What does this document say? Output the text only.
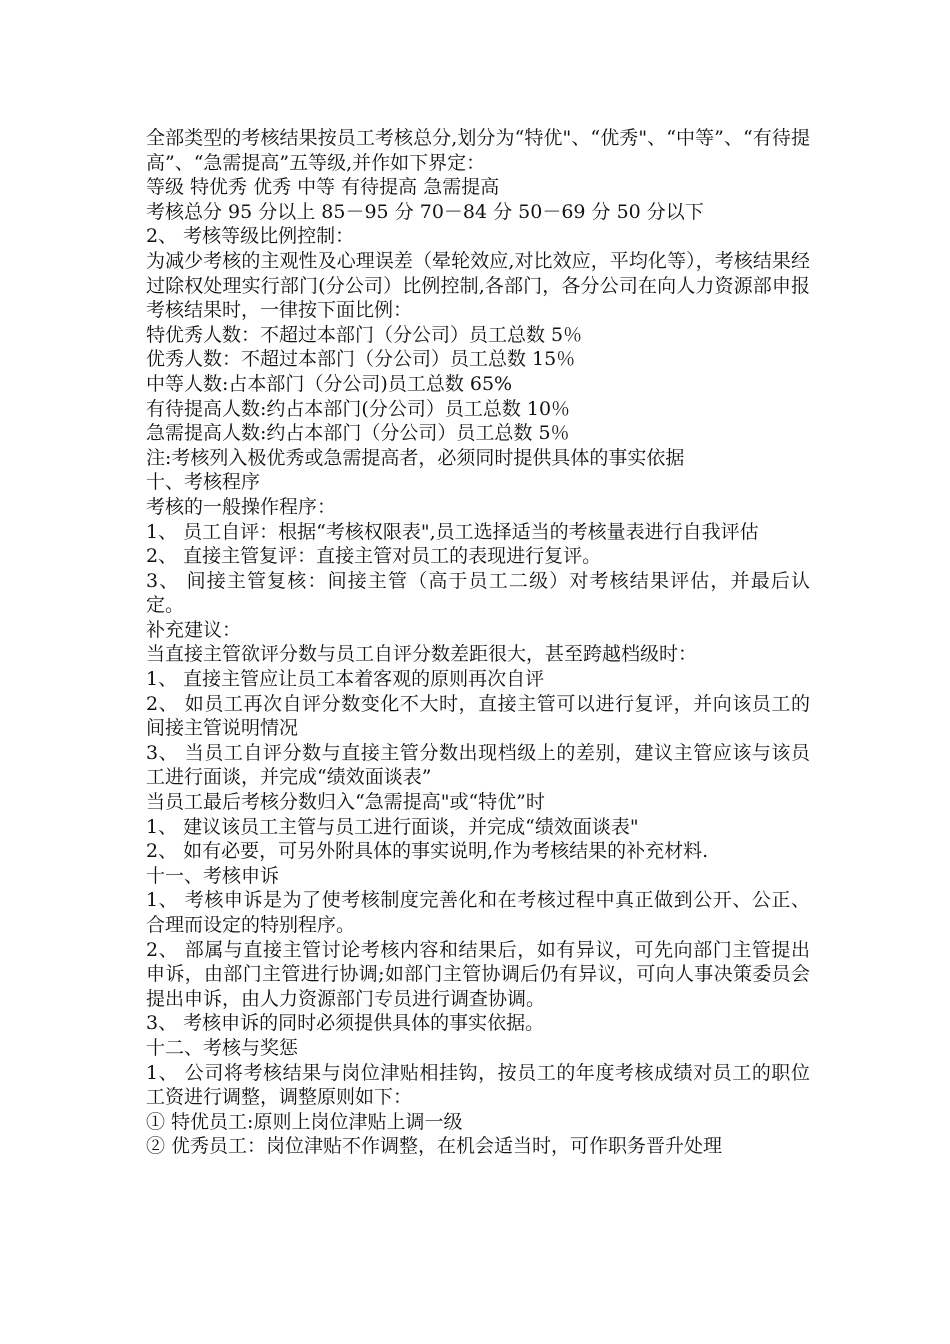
全部类型的考核结果按员工考核总分,划分为“特优"、“优秀"、“中等”、“有待提高”、“急需提高”五等级,并作如下界定：

等级 特优秀 优秀 中等 有待提高 急需提高

考核总分 95 分以上 85－95 分 70－84 分 50－69 分 50 分以下

2、 考核等级比例控制：

为减少考核的主观性及心理误差（晕轮效应,对比效应，平均化等），考核结果经过除权处理实行部门(分公司）比例控制,各部门，各分公司在向人力资源部申报考核结果时，一律按下面比例：

特优秀人数：不超过本部门（分公司）员工总数 5％

优秀人数：不超过本部门（分公司）员工总数 15％

中等人数:占本部门（分公司)员工总数 65%

有待提高人数:约占本部门(分公司）员工总数 10％

急需提高人数:约占本部门（分公司）员工总数 5％

注:考核列入极优秀或急需提高者，必须同时提供具体的事实依据

十、考核程序

考核的一般操作程序：

1、 员工自评：根据“考核权限表",员工选择适当的考核量表进行自我评估

2、 直接主管复评：直接主管对员工的表现进行复评。

3、 间接主管复核：间接主管（高于员工二级）对考核结果评估，并最后认定。

补充建议：

当直接主管欲评分数与员工自评分数差距很大，甚至跨越档级时：

1、 直接主管应让员工本着客观的原则再次自评

2、 如员工再次自评分数变化不大时，直接主管可以进行复评，并向该员工的间接主管说明情况

3、 当员工自评分数与直接主管分数出现档级上的差别，建议主管应该与该员工进行面谈，并完成“绩效面谈表”

当员工最后考核分数归入“急需提高"或“特优”时

1、 建议该员工主管与员工进行面谈，并完成“绩效面谈表"

2、 如有必要，可另外附具体的事实说明,作为考核结果的补充材料.

十一、考核申诉

1、 考核申诉是为了使考核制度完善化和在考核过程中真正做到公开、公正、合理而设定的特别程序。

2、 部属与直接主管讨论考核内容和结果后，如有异议，可先向部门主管提出申诉，由部门主管进行协调;如部门主管协调后仍有异议，可向人事决策委员会提出申诉，由人力资源部门专员进行调查协调。

3、 考核申诉的同时必须提供具体的事实依据。

十二、考核与奖惩

1、 公司将考核结果与岗位津贴相挂钩，按员工的年度考核成绩对员工的职位工资进行调整，调整原则如下：

① 特优员工:原则上岗位津贴上调一级

② 优秀员工：岗位津贴不作调整，在机会适当时，可作职务晋升处理
